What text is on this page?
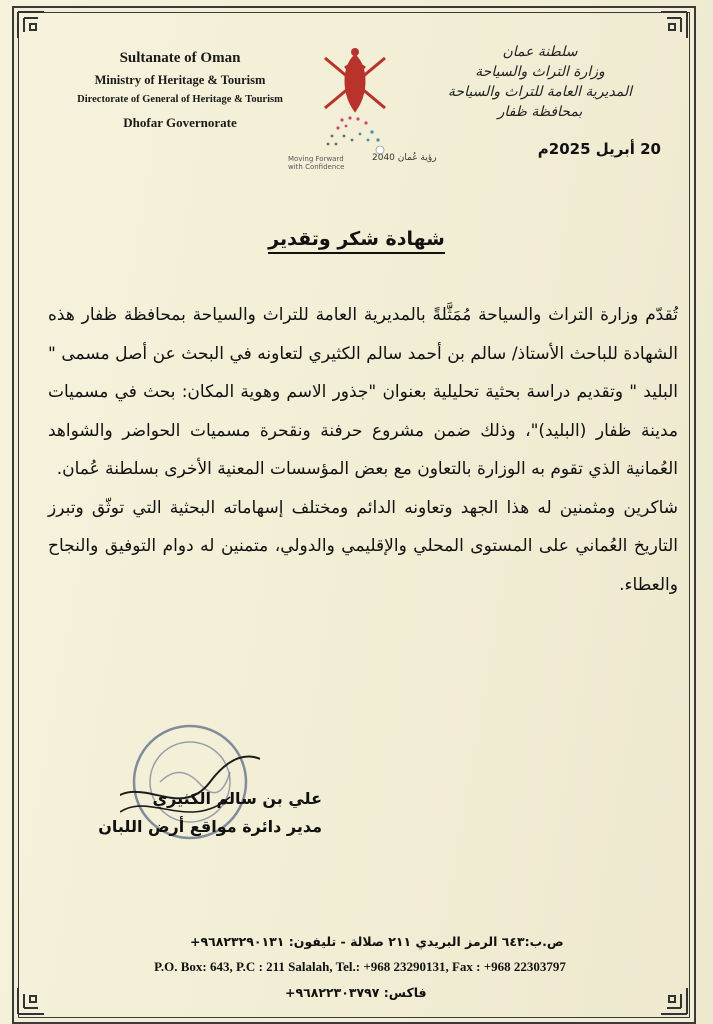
Sultanate of Oman
Ministry of Heritage & Tourism
Directorate of General of Heritage & Tourism
Dhofar Governorate
رؤية عُمان 2040
Moving Forward
with Confidence
سلطنة عمان
وزارة التراث والسياحة
المديرية العامة للتراث والسياحة
بمحافظة ظفار
20 أبريل 2025م
شهادة شكر وتقدير

تُقدّم وزارة التراث والسياحة مُمَثَّلةً بالمديرية العامة للتراث والسياحة بمحافظة ظفار هذه الشهادة للباحث الأستاذ/ سالم بن أحمد سالم الكثيري لتعاونه في البحث عن أصل مسمى " البليد " وتقديم دراسة بحثية تحليلية بعنوان "جذور الاسم وهوية المكان: بحث في مسميات مدينة ظفار (البليد)"، وذلك ضمن مشروع حرفنة ونقحرة مسميات الحواضر والشواهد العُمانية الذي تقوم به الوزارة بالتعاون مع بعض المؤسسات المعنية الأخرى بسلطنة عُمان.

شاكرين ومثمنين له هذا الجهد وتعاونه الدائم ومختلف إسهاماته البحثية التي توثّق وتبرز التاريخ العُماني على المستوى المحلي والإقليمي والدولي، متمنين له دوام التوفيق والنجاح والعطاء.

علي بن سالم الكثيري
مدير دائرة مواقع أرض اللبان
ص.ب:٦٤٣ الرمز البريدي ٢١١ صلالة - تليفون: ٩٦٨٢٣٢٩٠١٣١+
P.O. Box: 643, P.C : 211 Salalah, Tel.: +968 23290131, Fax : +968 22303797
فاكس: ٩٦٨٢٢٣٠٣٧٩٧+
